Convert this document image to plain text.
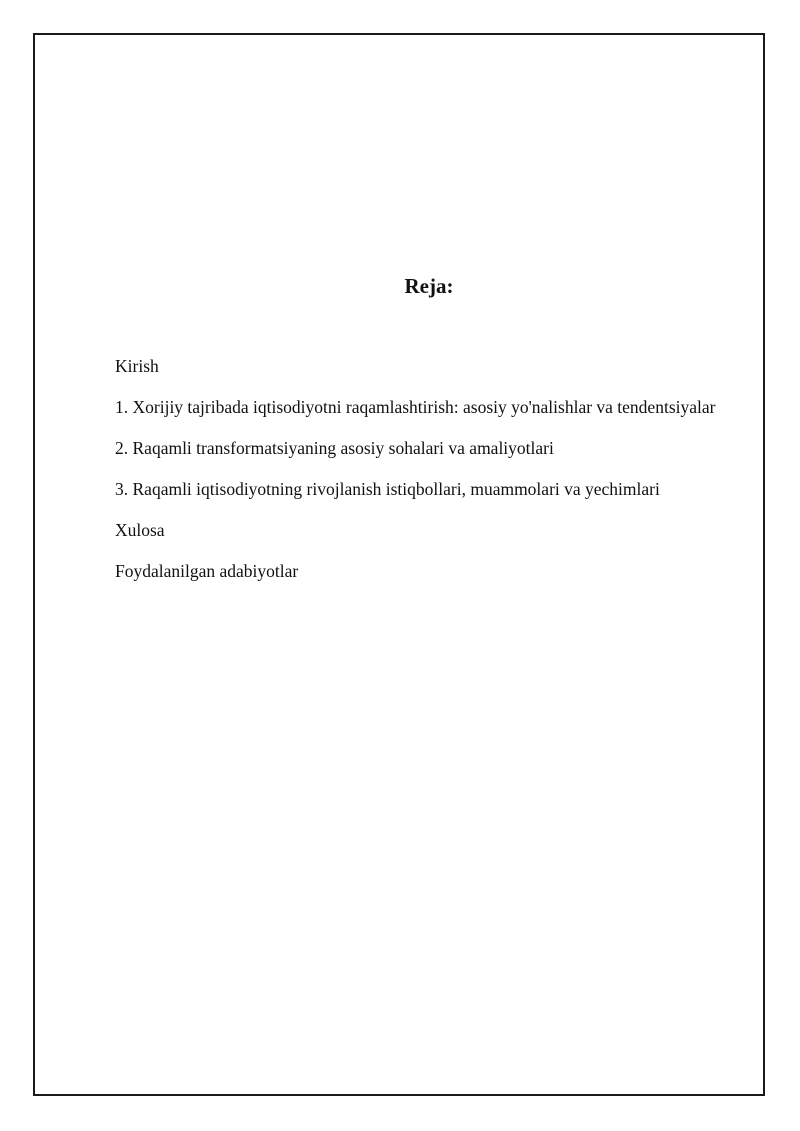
Reja:
Kirish
1. Xorijiy tajribada iqtisodiyotni raqamlashtirish: asosiy yo'nalishlar va tendentsiyalar
2. Raqamli transformatsiyaning asosiy sohalari va amaliyotlari
3. Raqamli iqtisodiyotning rivojlanish istiqbollari, muammolari va yechimlari
Xulosa
Foydalanilgan adabiyotlar
